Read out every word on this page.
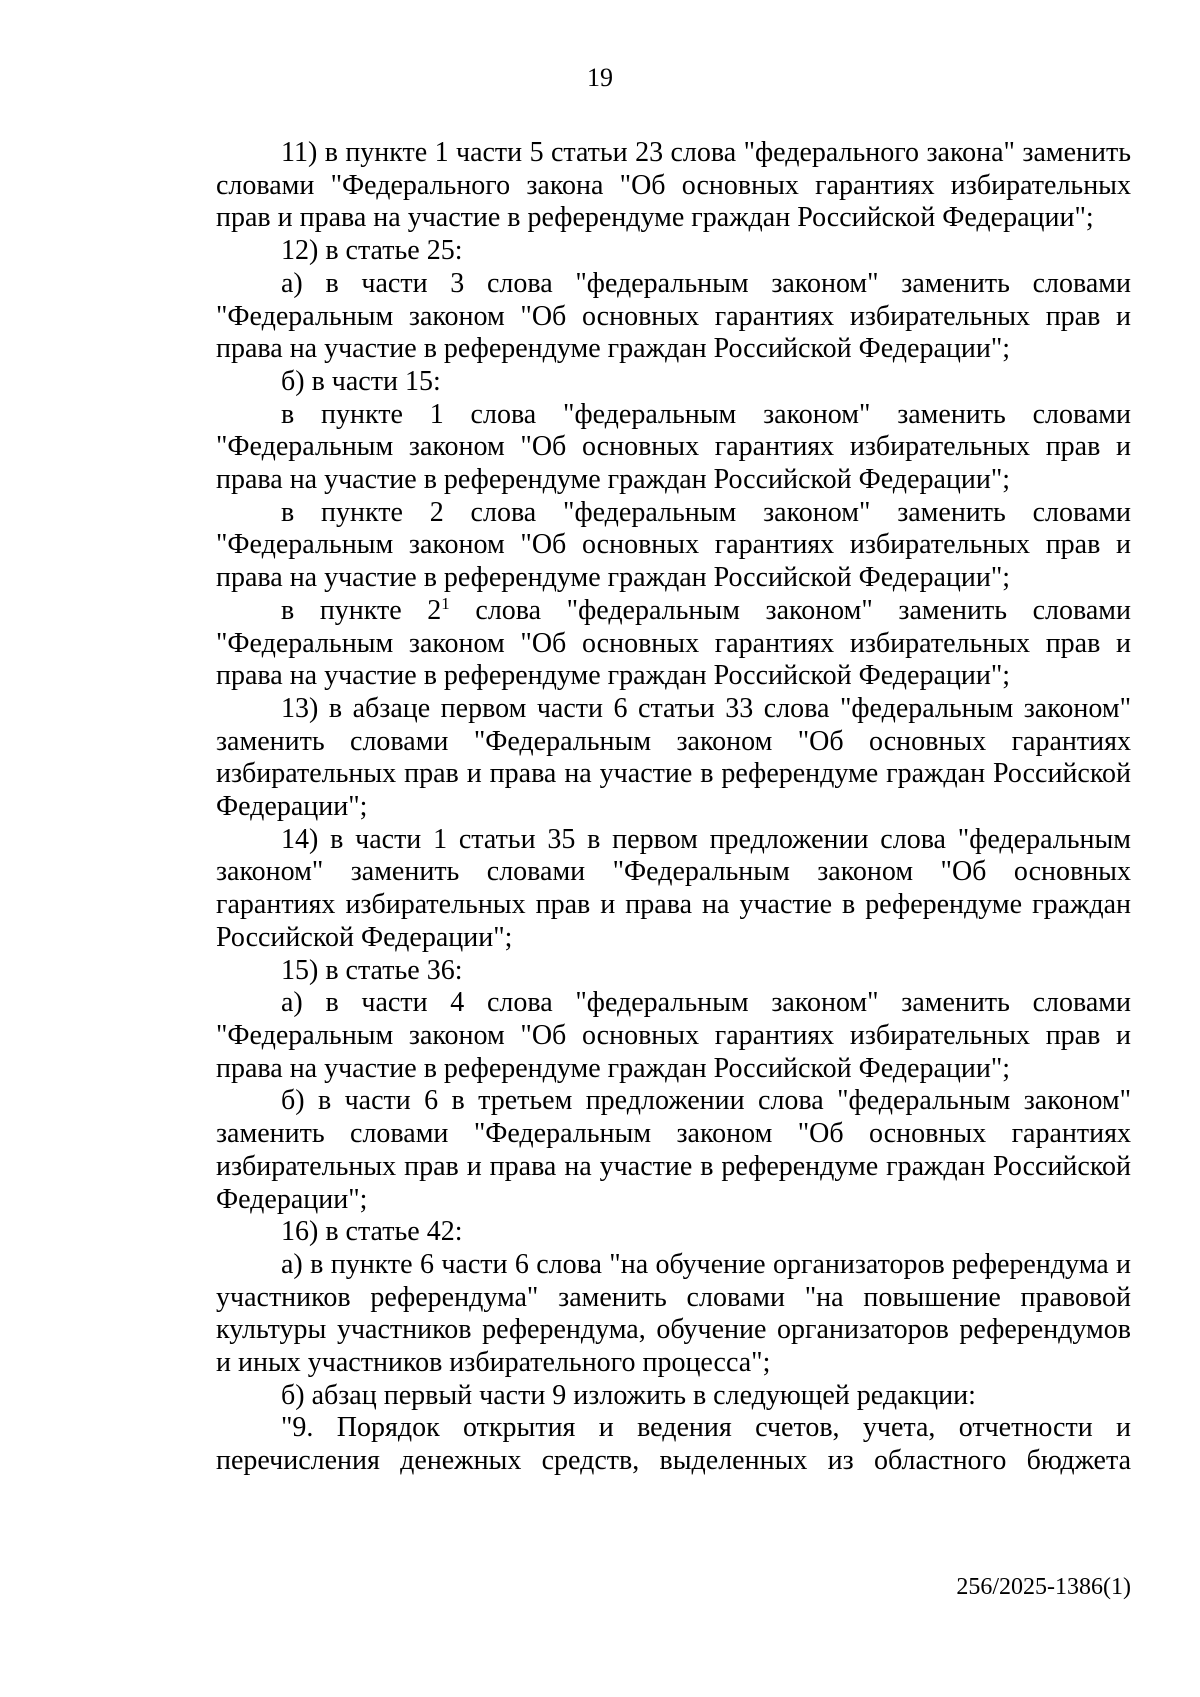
19

11) в пункте 1 части 5 статьи 23 слова "федерального закона" заменить словами "Федерального закона "Об основных гарантиях избирательных прав и права на участие в референдуме граждан Российской Федерации";

12) в статье 25:

а) в части 3 слова "федеральным законом" заменить словами "Федеральным законом "Об основных гарантиях избирательных прав и права на участие в референдуме граждан Российской Федерации";

б) в части 15:

в пункте 1 слова "федеральным законом" заменить словами "Федеральным законом "Об основных гарантиях избирательных прав и права на участие в референдуме граждан Российской Федерации";

в пункте 2 слова "федеральным законом" заменить словами "Федеральным законом "Об основных гарантиях избирательных прав и права на участие в референдуме граждан Российской Федерации";

в пункте $2^1$ слова "федеральным законом" заменить словами "Федеральным законом "Об основных гарантиях избирательных прав и права на участие в референдуме граждан Российской Федерации";

13) в абзаце первом части 6 статьи 33 слова "федеральным законом" заменить словами "Федеральным законом "Об основных гарантиях избирательных прав и права на участие в референдуме граждан Российской Федерации";

14) в части 1 статьи 35 в первом предложении слова "федеральным законом" заменить словами "Федеральным законом "Об основных гарантиях избирательных прав и права на участие в референдуме граждан Российской Федерации";

15) в статье 36:

а) в части 4 слова "федеральным законом" заменить словами "Федеральным законом "Об основных гарантиях избирательных прав и права на участие в референдуме граждан Российской Федерации";

б) в части 6 в третьем предложении слова "федеральным законом" заменить словами "Федеральным законом "Об основных гарантиях избирательных прав и права на участие в референдуме граждан Российской Федерации";

16) в статье 42:

а) в пункте 6 части 6 слова "на обучение организаторов референдума и участников референдума" заменить словами "на повышение правовой культуры участников референдума, обучение организаторов референдумов и иных участников избирательного процесса";

б) абзац первый части 9 изложить в следующей редакции:

"9. Порядок открытия и ведения счетов, учета, отчетности и перечисления денежных средств, выделенных из областного бюджета

256/2025-1386(1)
